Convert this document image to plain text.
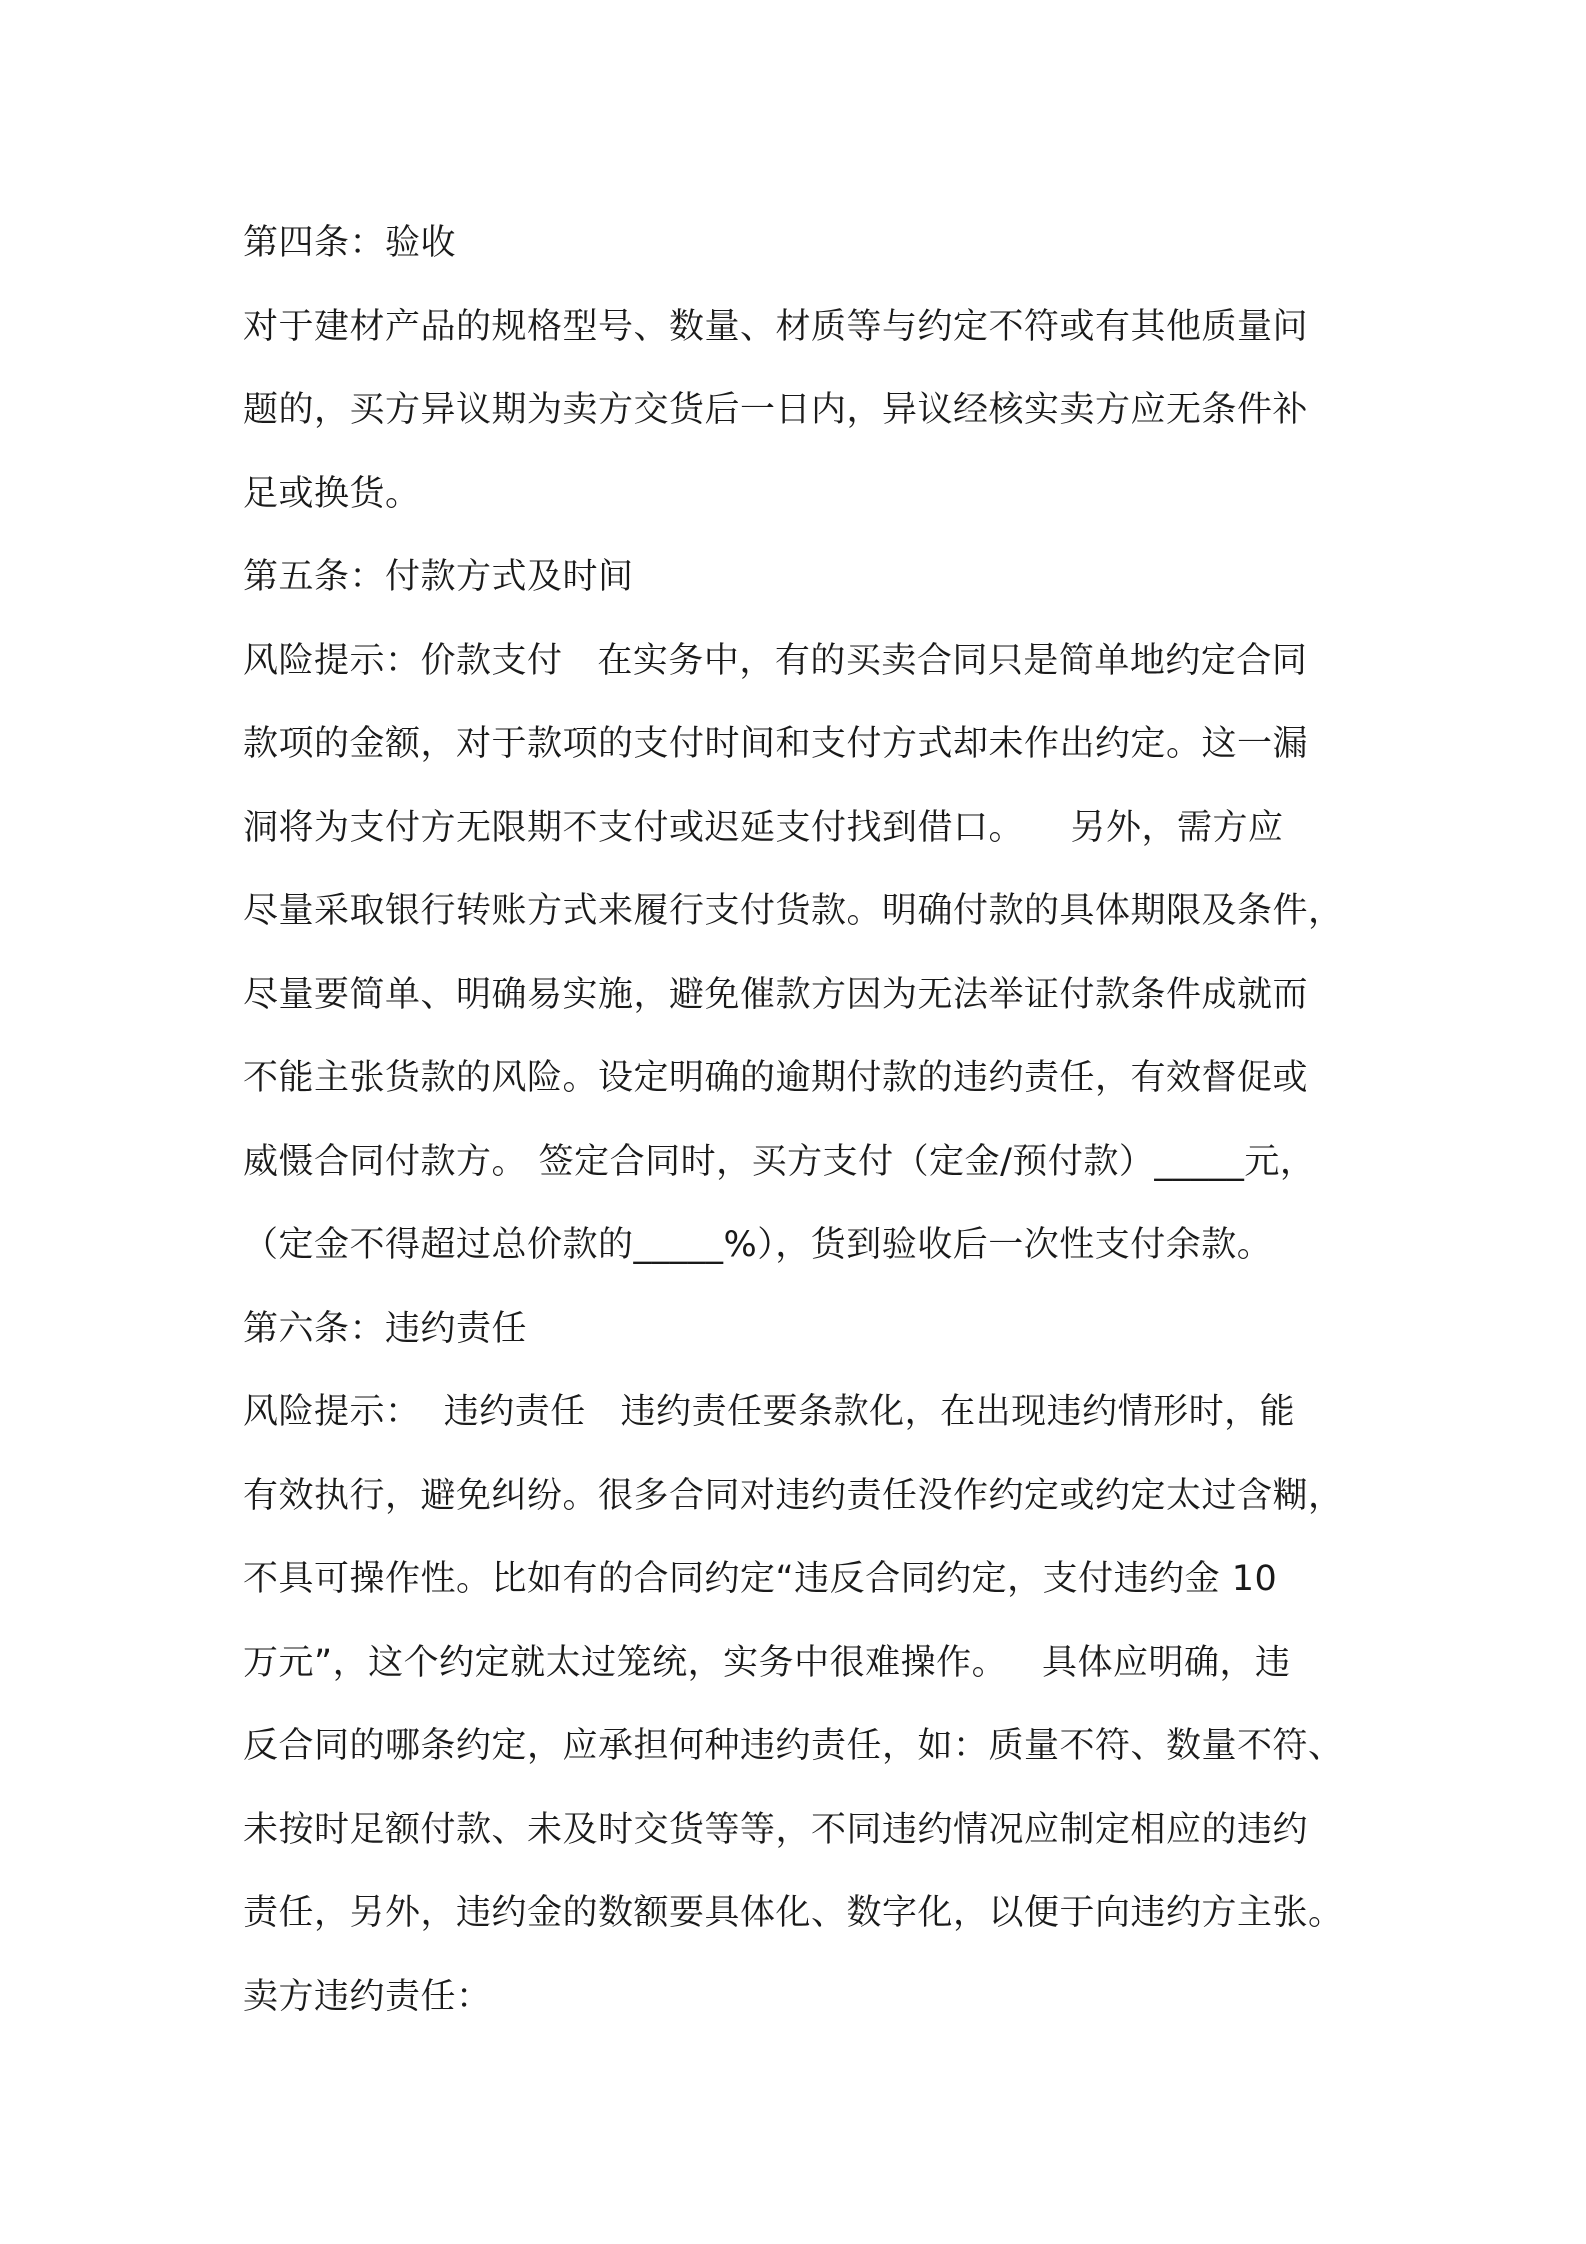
第四条：验收
对于建材产品的规格型号、数量、材质等与约定不符或有其他质量问
题的，买方异议期为卖方交货后一日内，异议经核实卖方应无条件补
足或换货。
第五条：付款方式及时间
风险提示：价款支付   在实务中，有的买卖合同只是简单地约定合同
款项的金额，对于款项的支付时间和支付方式却未作出约定。这一漏
洞将为支付方无限期不支付或迟延支付找到借口。    另外，需方应
尽量采取银行转账方式来履行支付货款。明确付款的具体期限及条件，
尽量要简单、明确易实施，避免催款方因为无法举证付款条件成就而
不能主张货款的风险。设定明确的逾期付款的违约责任，有效督促或
威慑合同付款方。 签定合同时，买方支付（定金/预付款）_____元，
（定金不得超过总价款的_____%），货到验收后一次性支付余款。
第六条：违约责任
风险提示：  违约责任   违约责任要条款化，在出现违约情形时，能
有效执行，避免纠纷。很多合同对违约责任没作约定或约定太过含糊，
不具可操作性。比如有的合同约定“违反合同约定，支付违约金 10
万元”，这个约定就太过笼统，实务中很难操作。   具体应明确，违
反合同的哪条约定，应承担何种违约责任，如：质量不符、数量不符、
未按时足额付款、未及时交货等等，不同违约情况应制定相应的违约
责任，另外，违约金的数额要具体化、数字化，以便于向违约方主张。
卖方违约责任：
